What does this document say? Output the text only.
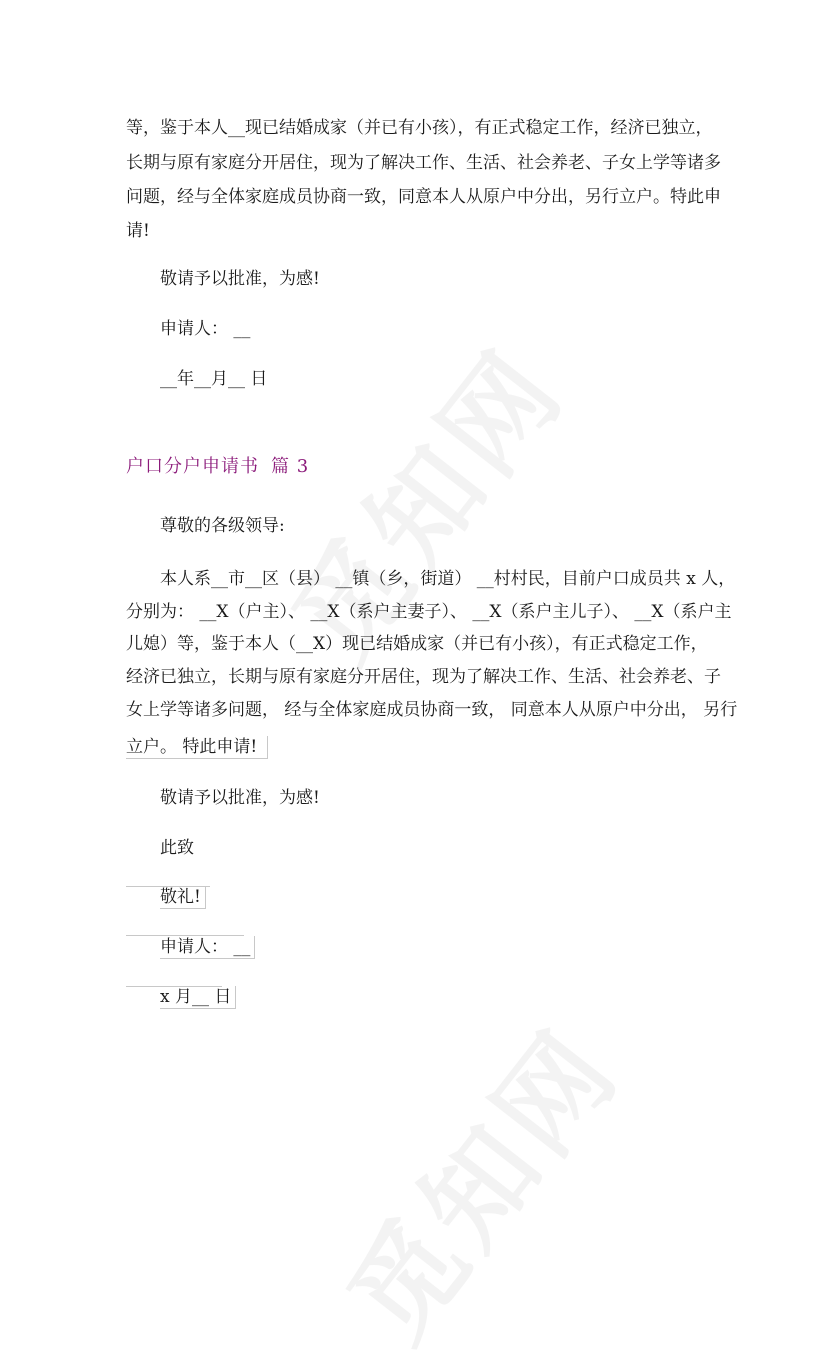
等，鉴于本人__现已结婚成家（并已有小孩），有正式稳定工作，经济已独立，

长期与原有家庭分开居住，现为了解决工作、生活、社会养老、子女上学等诸多

问题，经与全体家庭成员协商一致，同意本人从原户中分出，另行立户。特此申

请!

敬请予以批准，为感!

申请人： __

__年__月__ 日

户口分户申请书 篇 3

尊敬的各级领导:

本人系__市__区（县） __镇（乡，街道） __村村民，目前户口成员共 x 人，

分别为： __X（户主）、 __X（系户主妻子）、 __X（系户主儿子）、 __X（系户主

儿媳）等，鉴于本人（__X）现已结婚成家（并已有小孩），有正式稳定工作，

经济已独立，长期与原有家庭分开居住，现为了解决工作、生活、社会养老、子

女上学等诸多问题， 经与全体家庭成员协商一致， 同意本人从原户中分出， 另行

立户。 特此申请!

敬请予以批准，为感!

此致

敬礼!

申请人： __

x 月__ 日
